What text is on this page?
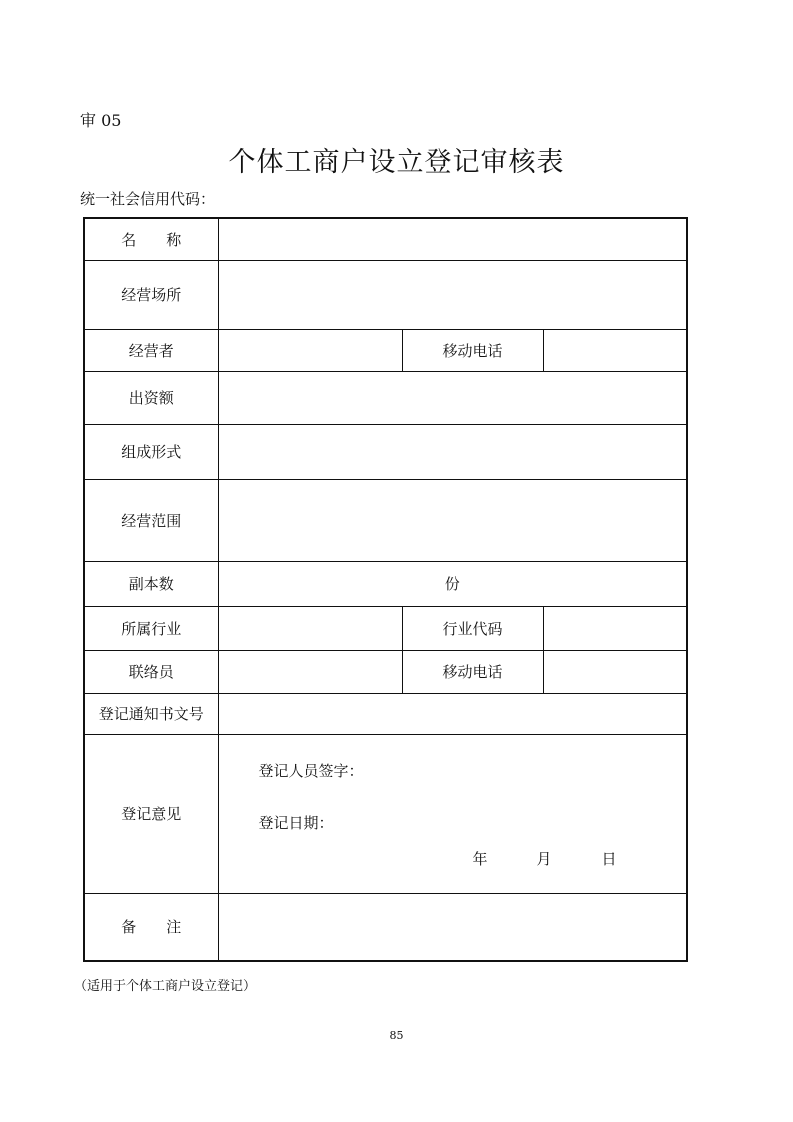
审 05
个体工商户设立登记审核表
统一社会信用代码：
名　　称			
经营场所			
经营者		移动电话	
出资额			
组成形式			
经营范围			
副本数	份		
所属行业		行业代码	
联络员		移动电话	
登记通知书文号			
登记意见	登记人员签字：
登记日期：
年 月 日		

备　　注			
（适用于个体工商户设立登记）
85
